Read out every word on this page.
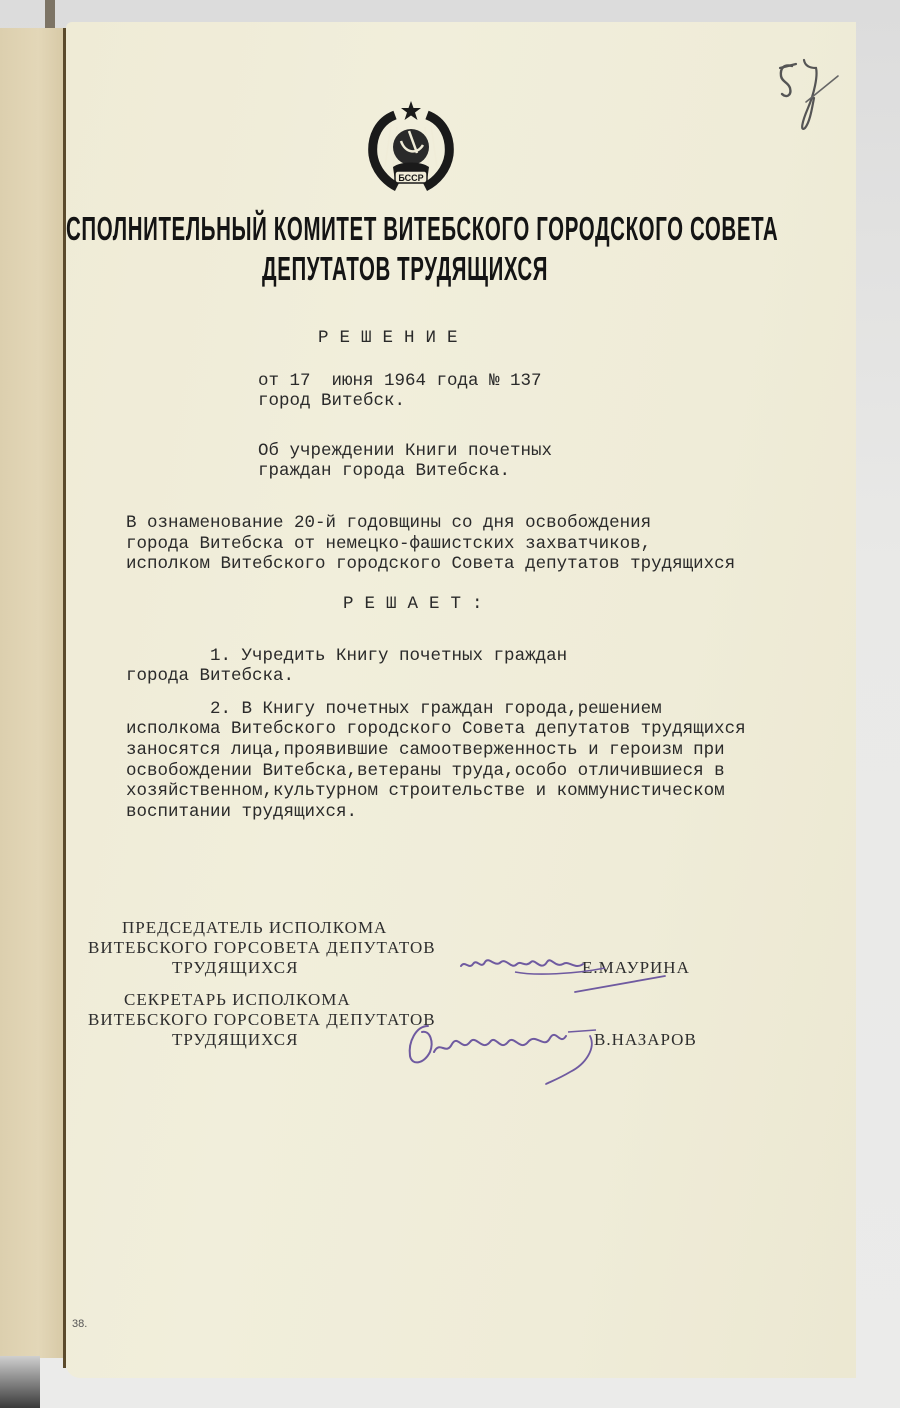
БССР
СПОЛНИТЕЛЬНЫЙ КОМИТЕТ ВИТЕБСКОГО ГОРОДСКОГО СОВЕТА
ДЕПУТАТОВ ТРУДЯЩИХСЯ
РЕШЕНИЕ
от 17  июня 1964 года № 137
город Витебск.
Об учреждении Книги почетных
граждан города Витебска.
В ознаменование 20-й годовщины со дня освобождения
города Витебска от немецко-фашистских захватчиков,
исполком Витебского городского Совета депутатов трудящихся
РЕШАЕТ:
1. Учредить Книгу почетных граждан
города Витебска.
2. В Книгу почетных граждан города,решением
исполкома Витебского городского Совета депутатов трудящихся
заносятся лица,проявившие самоотверженность и героизм при
освобождении Витебска,ветераны труда,особо отличившиеся в
хозяйственном,культурном строительстве и коммунистическом
воспитании трудящихся.
ПРЕДСЕДАТЕЛЬ ИСПОЛКОМА
ВИТЕБСКОГО ГОРСОВЕТА ДЕПУТАТОВ
ТРУДЯЩИХСЯ	Е.МАУРИНА
СЕКРЕТАРЬ ИСПОЛКОМА
ВИТЕБСКОГО ГОРСОВЕТА ДЕПУТАТОВ
ТРУДЯЩИХСЯ	В.НАЗАРОВ
38.
